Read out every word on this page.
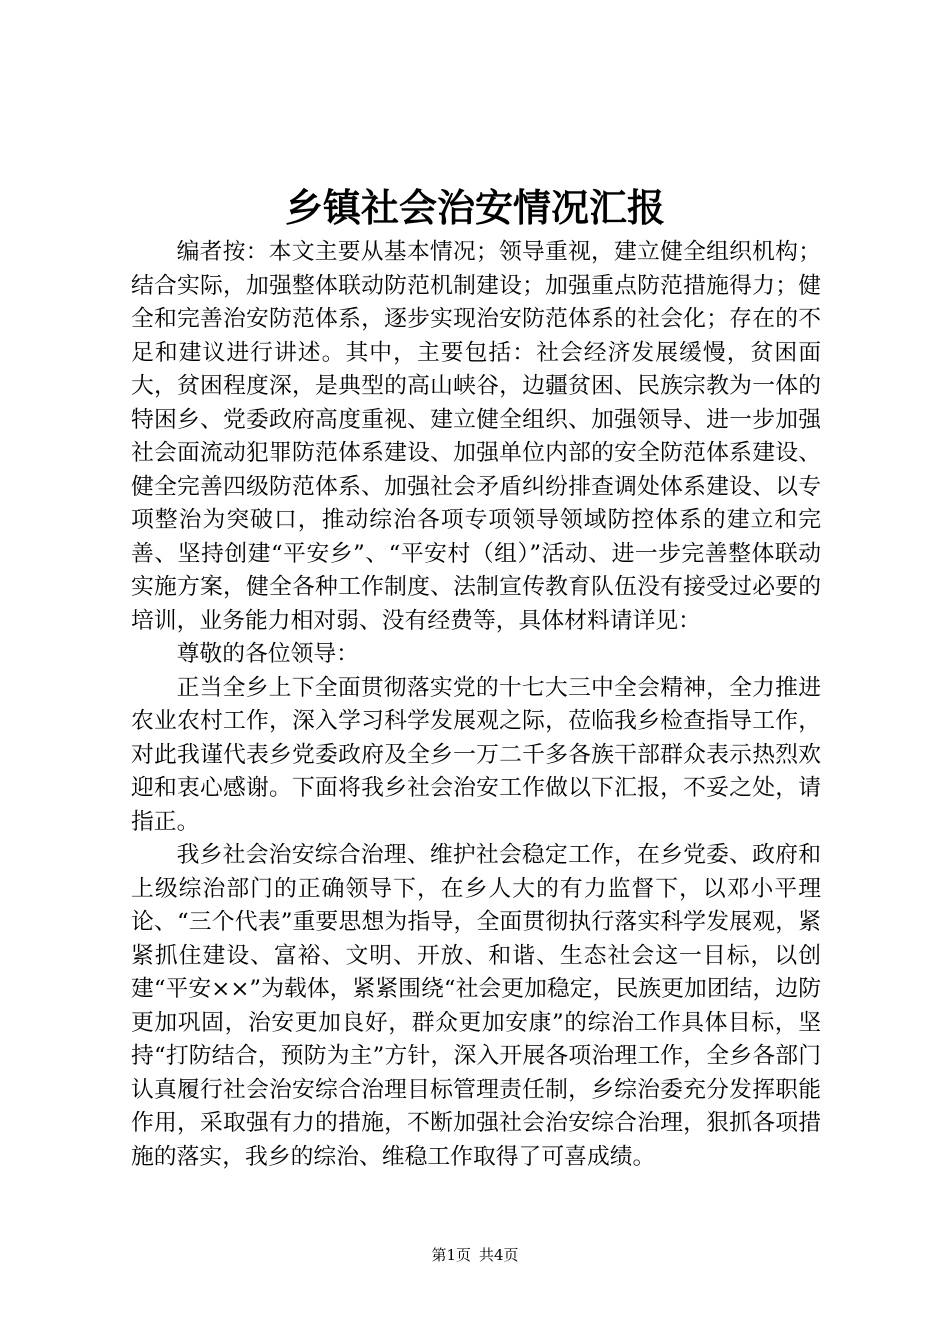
乡镇社会治安情况汇报

编者按：本文主要从基本情况；领导重视，建立健全组织机构；结合实际，加强整体联动防范机制建设；加强重点防范措施得力；健全和完善治安防范体系，逐步实现治安防范体系的社会化；存在的不足和建议进行讲述。其中，主要包括：社会经济发展缓慢，贫困面大，贫困程度深，是典型的高山峡谷，边疆贫困、民族宗教为一体的特困乡、党委政府高度重视、建立健全组织、加强领导、进一步加强社会面流动犯罪防范体系建设、加强单位内部的安全防范体系建设、健全完善四级防范体系、加强社会矛盾纠纷排查调处体系建设、以专项整治为突破口，推动综治各项专项领导领域防控体系的建立和完善、坚持创建“平安乡”、“平安村（组）”活动、进一步完善整体联动实施方案，健全各种工作制度、法制宣传教育队伍没有接受过必要的培训，业务能力相对弱、没有经费等，具体材料请详见：

尊敬的各位领导：

正当全乡上下全面贯彻落实党的十七大三中全会精神，全力推进农业农村工作，深入学习科学发展观之际，莅临我乡检查指导工作，对此我谨代表乡党委政府及全乡一万二千多各族干部群众表示热烈欢迎和衷心感谢。下面将我乡社会治安工作做以下汇报，不妥之处，请指正。

我乡社会治安综合治理、维护社会稳定工作，在乡党委、政府和上级综治部门的正确领导下，在乡人大的有力监督下，以邓小平理论、“三个代表”重要思想为指导，全面贯彻执行落实科学发展观，紧紧抓住建设、富裕、文明、开放、和谐、生态社会这一目标，以创建“平安××”为载体，紧紧围绕“社会更加稳定，民族更加团结，边防更加巩固，治安更加良好，群众更加安康”的综治工作具体目标，坚持“打防结合，预防为主”方针，深入开展各项治理工作，全乡各部门认真履行社会治安综合治理目标管理责任制，乡综治委充分发挥职能作用，采取强有力的措施，不断加强社会治安综合治理，狠抓各项措施的落实，我乡的综治、维稳工作取得了可喜成绩。

第1页 共4页
